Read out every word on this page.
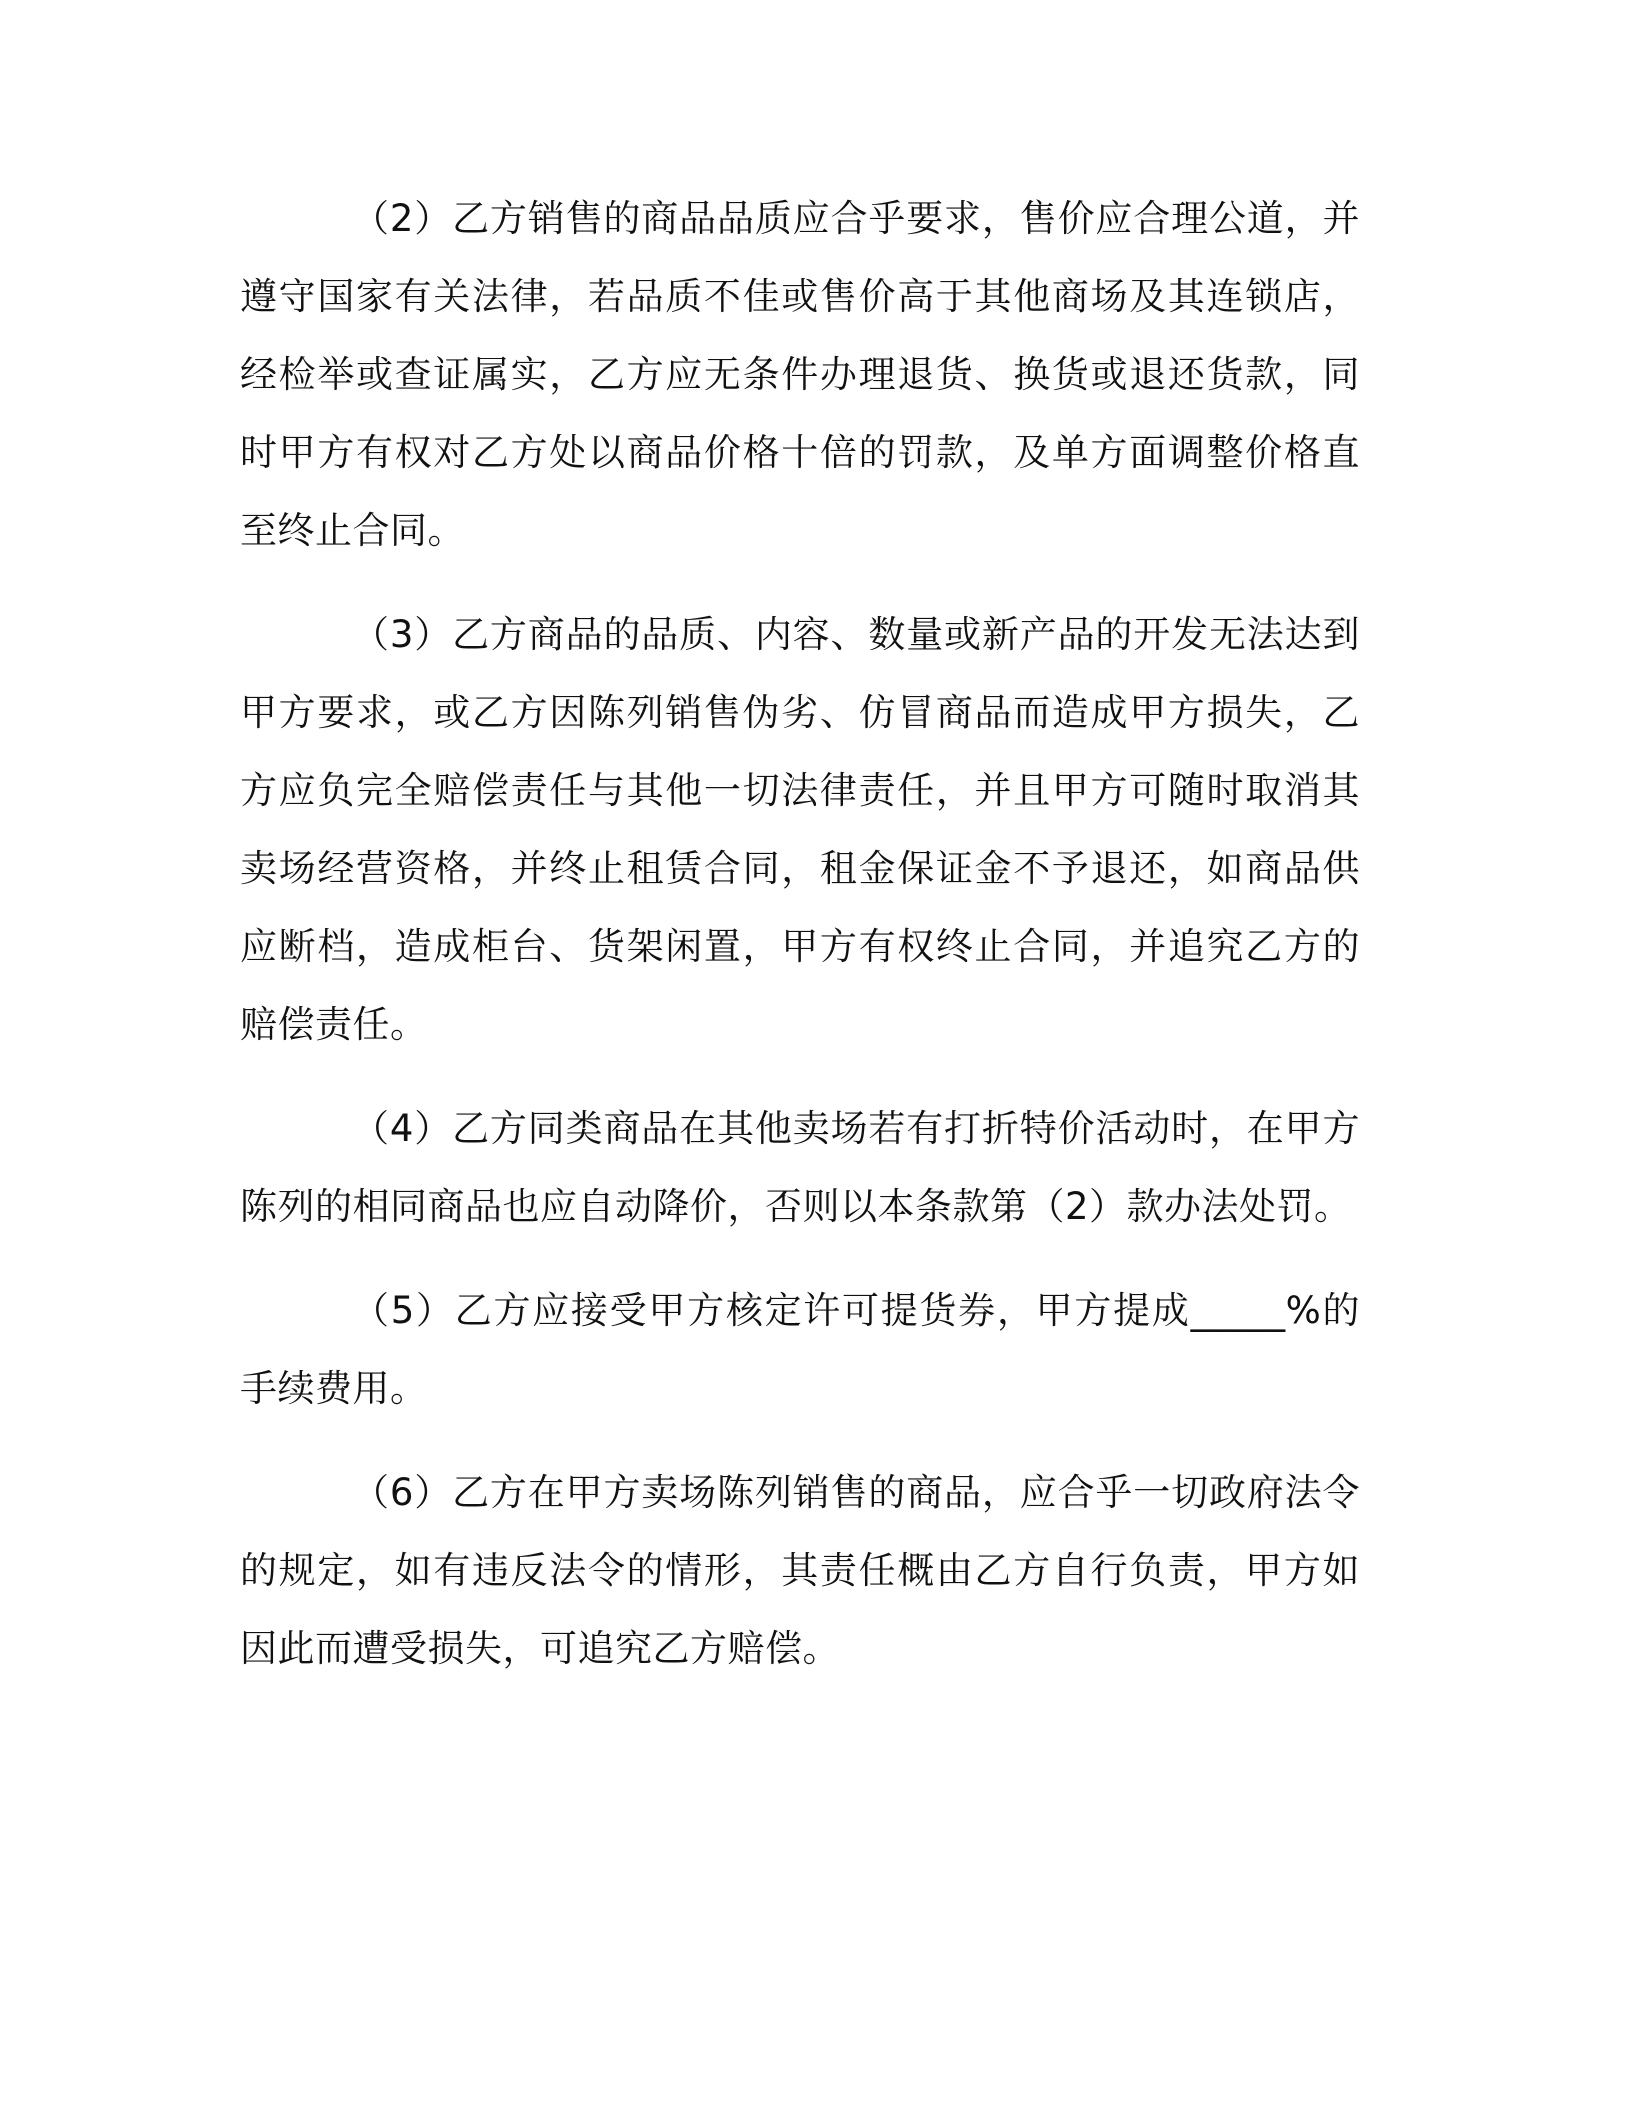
（2）乙方销售的商品品质应合乎要求，售价应合理公道，并遵守国家有关法律，若品质不佳或售价高于其他商场及其连锁店，经检举或查证属实，乙方应无条件办理退货、换货或退还货款，同时甲方有权对乙方处以商品价格十倍的罚款，及单方面调整价格直至终止合同。

（3）乙方商品的品质、内容、数量或新产品的开发无法达到甲方要求，或乙方因陈列销售伪劣、仿冒商品而造成甲方损失，乙方应负完全赔偿责任与其他一切法律责任，并且甲方可随时取消其卖场经营资格，并终止租赁合同，租金保证金不予退还，如商品供应断档，造成柜台、货架闲置，甲方有权终止合同，并追究乙方的赔偿责任。

（4）乙方同类商品在其他卖场若有打折特价活动时，在甲方陈列的相同商品也应自动降价，否则以本条款第（2）款办法处罚。

（5）乙方应接受甲方核定许可提货券，甲方提成_____%的手续费用。

（6）乙方在甲方卖场陈列销售的商品，应合乎一切政府法令的规定，如有违反法令的情形，其责任概由乙方自行负责，甲方如因此而遭受损失，可追究乙方赔偿。
